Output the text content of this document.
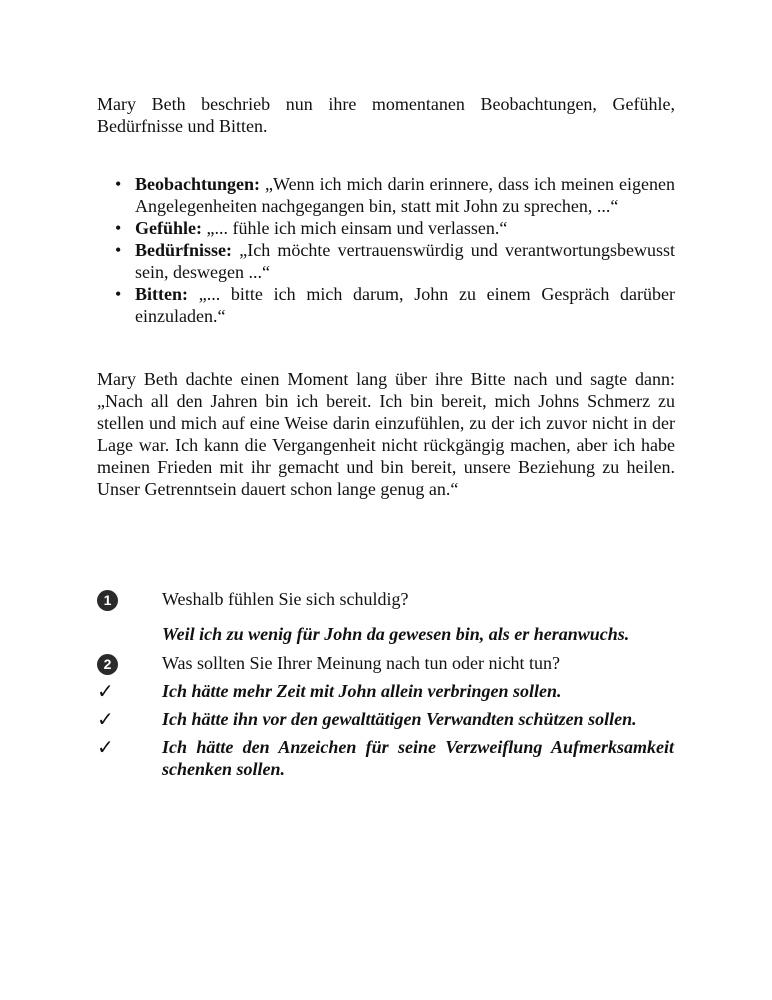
Mary Beth beschrieb nun ihre momentanen Beobachtungen, Gefühle, Bedürfnisse und Bitten.

• Beobachtungen: „Wenn ich mich darin erinnere, dass ich meinen eigenen Angelegenheiten nachgegangen bin, statt mit John zu sprechen, ...“
• Gefühle: „... fühle ich mich einsam und verlassen.“
• Bedürfnisse: „Ich möchte vertrauenswürdig und verantwortungsbewusst sein, deswegen ...“
• Bitten: „... bitte ich mich darum, John zu einem Gespräch darüber einzuladen.“

Mary Beth dachte einen Moment lang über ihre Bitte nach und sagte dann: „Nach all den Jahren bin ich bereit. Ich bin bereit, mich Johns Schmerz zu stellen und mich auf eine Weise darin einzufühlen, zu der ich zuvor nicht in der Lage war. Ich kann die Vergangenheit nicht rückgängig machen, aber ich habe meinen Frieden mit ihr gemacht und bin bereit, unsere Beziehung zu heilen. Unser Getrenntsein dauert schon lange genug an.“

1	Weshalb fühlen Sie sich schuldig?
Weil ich zu wenig für John da gewesen bin, als er heranwuchs.
2	Was sollten Sie Ihrer Meinung nach tun oder nicht tun?
✓	Ich hätte mehr Zeit mit John allein verbringen sollen.
✓	Ich hätte ihn vor den gewalttätigen Verwandten schützen sollen.
✓	Ich hätte den Anzeichen für seine Verzweiflung Aufmerksamkeit schenken sollen.
